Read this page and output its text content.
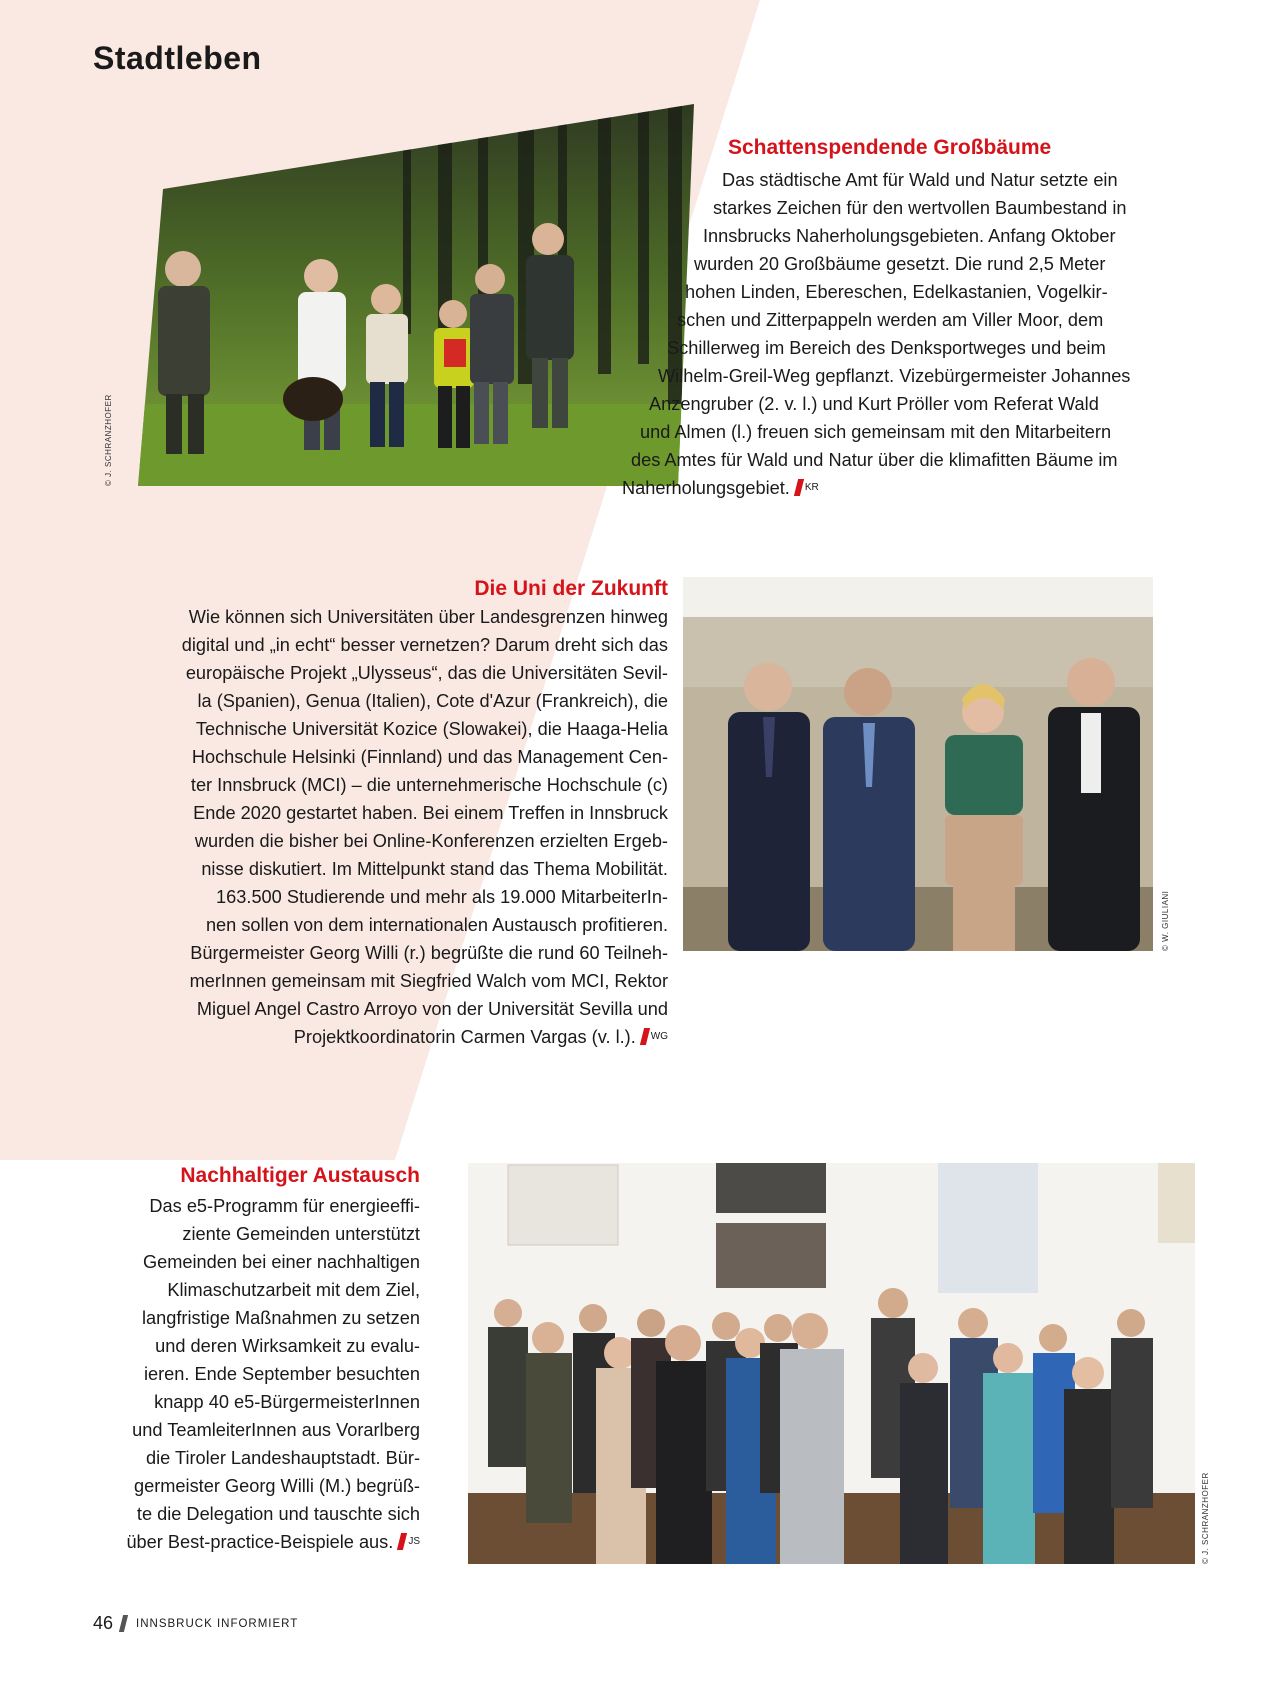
Stadtleben
© J. SCHRANZHOFER
Schattenspendende Großbäume
Das städtische Amt für Wald und Natur setzte ein
starkes Zeichen für den wertvollen Baumbestand in
Innsbrucks Naherholungsgebieten. Anfang Oktober
wurden 20 Großbäume gesetzt. Die rund 2,5 Meter
hohen Linden, Ebereschen, Edelkastanien, Vogelkir-
schen und Zitterpappeln werden am Viller Moor, dem
Schillerweg im Bereich des Denksportweges und beim
Wilhelm-Greil-Weg gepflanzt. Vizebürgermeister Johannes
Anzengruber (2. v. l.) und Kurt Pröller vom Referat Wald
und Almen (l.) freuen sich gemeinsam mit den Mitarbeitern
des Amtes für Wald und Natur über die klimafitten Bäume im
Naherholungsgebiet. $^{KR}$
Die Uni der Zukunft
Wie können sich Universitäten über Landesgrenzen hinweg
digital und „in echt“ besser vernetzen? Darum dreht sich das
europäische Projekt „Ulysseus“, das die Universitäten Sevil-
la (Spanien), Genua (Italien), Cote d'Azur (Frankreich), die
Technische Universität Kozice (Slowakei), die Haaga-Helia
Hochschule Helsinki (Finnland) und das Management Cen-
ter Innsbruck (MCI) – die unternehmerische Hochschule (c)
Ende 2020 gestartet haben. Bei einem Treffen in Innsbruck
wurden die bisher bei Online-Konferenzen erzielten Ergeb-
nisse diskutiert. Im Mittelpunkt stand das Thema Mobilität.
163.500 Studierende und mehr als 19.000 MitarbeiterIn-
nen sollen von dem internationalen Austausch profitieren.
Bürgermeister Georg Willi (r.) begrüßte die rund 60 Teilneh-
merInnen gemeinsam mit Siegfried Walch vom MCI, Rektor
Miguel Angel Castro Arroyo von der Universität Sevilla und
Projektkoordinatorin Carmen Vargas (v. l.). $^{WG}$
© W. GIULIANI
Nachhaltiger Austausch
Das e5-Programm für energieeffi-
ziente Gemeinden unterstützt
Gemeinden bei einer nachhaltigen
Klimaschutzarbeit mit dem Ziel,
langfristige Maßnahmen zu setzen
und deren Wirksamkeit zu evalu-
ieren. Ende September besuchten
knapp 40 e5-BürgermeisterInnen
und TeamleiterInnen aus Vorarlberg
die Tiroler Landeshauptstadt. Bür-
germeister Georg Willi (M.) begrüß-
te die Delegation und tauschte sich
über Best-practice-Beispiele aus. $^{JS}$	© J. SCHRANZHOFER
46 INNSBRUCK INFORMIERT
